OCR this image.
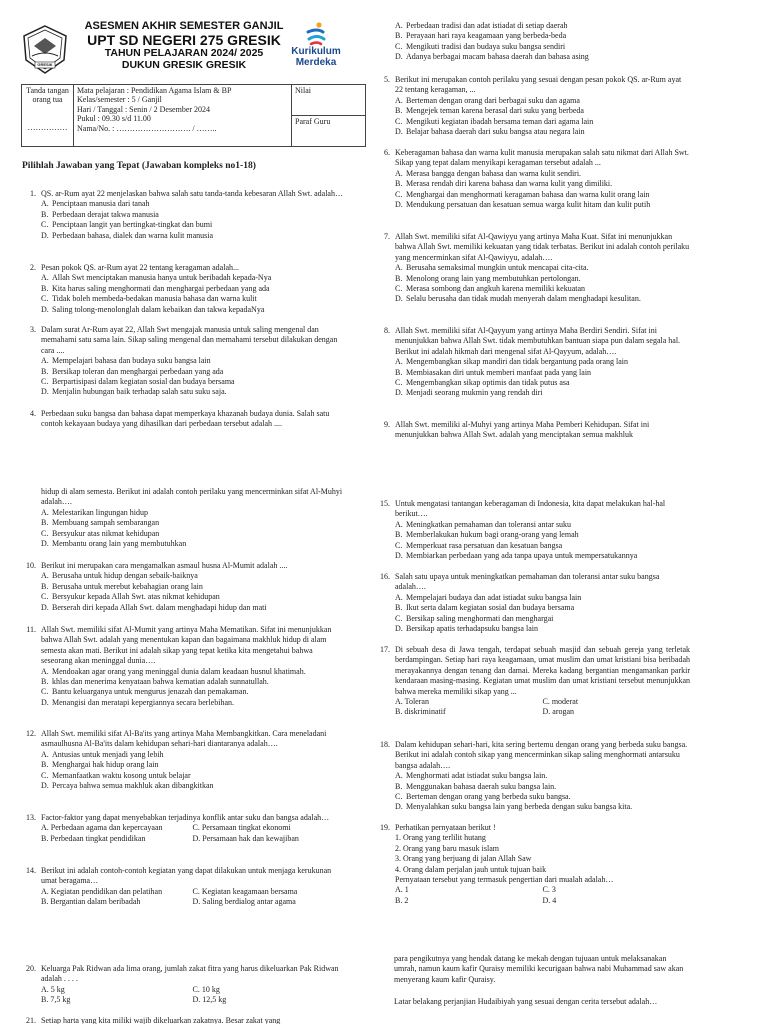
GRESIK
ASESMEN AKHIR SEMESTER GANJIL
UPT SD NEGERI 275 GRESIK
TAHUN PELAJARAN 2024/ 2025
DUKUN GRESIK GRESIK
Kurikulum
Merdeka
Tanda tangan orang tua
……………

Mata pelajaran : Pendidikan Agama Islam & BP
Kelas/semester : 5 / Ganjil
Hari / Tanggal : Senin / 2 Desember 2024
Pukul : 09.30 s/d 11.00
Nama/No. : ………………………. / ……..
	Nilai
Paraf Guru
Pilihlah Jawaban yang Tepat (Jawaban kompleks no1-18)
1. QS. ar-Rum ayat 22 menjelaskan bahwa salah satu tanda-tanda kebesaran Allah Swt. adalah…
A. Penciptaan manusia dari tanah
B. Perbedaan derajat takwa manusia
C. Penciptaan langit yan bertingkat-tingkat dan bumi
D. Perbedaan bahasa, dialek dan warna kulit manusia
2. Pesan pokok QS. ar-Rum ayat 22 tentang keragaman adalah...
A. Allah Swt menciptakan manusia hanya untuk beribadah kepada-Nya
B. Kita harus saling menghormati dan menghargai perbedaan yang ada
C. Tidak boleh membeda-bedakan manusia bahasa dan warna kulit
D. Saling tolong-menolonglah dalam kebaikan dan takwa kepadaNya
3. Dalam surat Ar-Rum ayat 22, Allah Swt mengajak manusia untuk saling mengenal dan memahami satu sama lain. Sikap saling mengenal dan memahami tersebut dilakukan dengan cara ....
A. Mempelajari bahasa dan budaya suku bangsa lain
B. Bersikap toleran dan menghargai perbedaan yang ada
C. Berpartisipasi dalam kegiatan sosial dan budaya bersama
D. Menjalin hubungan baik terhadap salah satu suku saja.
4. Perbedaan suku bangsa dan bahasa dapat memperkaya khazanah budaya dunia. Salah satu contoh kekayaan budaya yang dihasilkan dari perbedaan tersebut adalah ....
A. Perbedaan tradisi dan adat istiadat di setiap daerah
B. Perayaan hari raya keagamaan yang berbeda-beda
C. Mengikuti tradisi dan budaya suku bangsa sendiri
D. Adanya berbagai macam bahasa daerah dan bahasa asing
5. Berikut ini merupakan contoh perilaku yang sesuai dengan pesan pokok QS. ar-Rum ayat 22 tentang keragaman, ...
A. Berteman dengan orang dari berbagai suku dan agama
B. Mengejek teman karena berasal dari suku yang berbeda
C. Mengikuti kegiatan ibadah bersama teman dari agama lain
D. Belajar bahasa daerah dari suku bangsa atau negara lain
6. Keberagaman bahasa dan warna kulit manusia merupakan salah satu nikmat dari Allah Swt. Sikap yang tepat dalam menyikapi keragaman tersebut adalah ...
A. Merasa bangga dengan bahasa dan warna kulit sendiri.
B. Merasa rendah diri karena bahasa dan warna kulit yang dimiliki.
C. Menghargai dan menghormati keragaman bahasa dan warna kulit orang lain
D. Mendukung persatuan dan kesatuan semua warga kulit hitam dan kulit putih
7. Allah Swt. memiliki sifat Al-Qawiyyu yang artinya Maha Kuat. Sifat ini menunjukkan bahwa Allah Swt. memiliki kekuatan yang tidak terbatas. Berikut ini adalah contoh perilaku yang mencerminkan sifat Al-Qawiyyu, adalah….
A. Berusaha semaksimal mungkin untuk mencapai cita-cita.
B. Menolong orang lain yang membutuhkan pertolongan.
C. Merasa sombong dan angkuh karena memiliki kekuatan
D. Selalu berusaha dan tidak mudah menyerah dalam menghadapi kesulitan.
8. Allah Swt. memiliki sifat Al-Qayyum yang artinya Maha Berdiri Sendiri. Sifat ini menunjukkan bahwa Allah Swt. tidak membutuhkan bantuan siapa pun dalam segala hal. Berikut ini adalah hikmah dari mengenal sifat Al-Qayyum, adalah….
A. Mengembangkan sikap mandiri dan tidak bergantung pada orang lain
B. Membiasakan diri untuk memberi manfaat pada yang lain
C. Mengembangkan sikap optimis dan tidak putus asa
D. Menjadi seorang mukmin yang rendah diri
9. Allah Swt. memiliki al-Muhyi yang artinya Maha Pemberi Kehidupan. Sifat ini menunjukkan bahwa Allah Swt. adalah yang menciptakan semua makhluk
hidup di alam semesta. Berikut ini adalah contoh perilaku yang mencerminkan sifat Al-Muhyi adalah….
A. Melestarikan lingungan hidup
B. Membuang sampah sembarangan
C. Bersyukur atas nikmat kehidupan
D. Membantu orang lain yang membutuhkan
10. Berikut ini merupakan cara mengamalkan asmaul husna Al-Mumit adalah ....
A. Berusaha untuk hidup dengan sebaik-baiknya
B. Berusaha untuk merebut kebahagian orang lain
C. Bersyukur kepada Allah Swt. atas nikmat kehidupan
D. Berserah diri kepada Allah Swt. dalam menghadapi hidup dan mati
11. Allah Swt. memiliki sifat Al-Mumit yang artinya Maha Mematikan. Sifat ini menunjukkan bahwa Allah Swt. adalah yang menentukan kapan dan bagaimana makhluk hidup di alam semesta akan mati. Berikut ini adalah sikap yang tepat ketika kita mengetahui bahwa seseorang akan meninggal dunia….
A. Mendoakan agar orang yang meninggal dunia dalam keadaan husnul khatimah.
B. khlas dan menerima kenyataan bahwa kematian adalah sunnatullah.
C. Bantu keluarganya untuk mengurus jenazah dan pemakaman.
D. Menangisi dan meratapi kepergiannya secara berlebihan.
12. Allah Swt. memiliki sifat Al-Ba'its yang artinya Maha Membangkitkan. Cara meneladani asmaulhusna Al-Ba'its dalam kehidupan sehari-hari diantaranya adalah….
A. Antusias untuk menjadi yang lebih
B. Menghargai hak hidup orang lain
C. Memanfaatkan waktu kosong untuk belajar
D. Percaya bahwa semua makhluk akan dibangkitkan
13. Factor-faktor yang dapat menyebabkan terjadinya konflik antar suku dan bangsa adalah…
A. Perbedaan agama dan kepercayaan	C. Persamaan tingkat ekonomi
B. Perbedaan tingkat pendidikan	D. Persamaan hak dan kewajiban
14. Berikut ini adalah contoh-contoh kegiatan yang dapat dilakukan untuk menjaga kerukunan umat beragama…
A. Kegiatan pendidikan dan pelatihan	C. Kegiatan keagamaan bersama
B. Bergantian dalam beribadah	D. Saling berdialog antar agama
15. Untuk mengatasi tantangan keberagaman di Indonesia, kita dapat melakukan hal-hal berikut….
A. Meningkatkan pemahaman dan toleransi antar suku
B. Memberlakukan hukum bagi orang-orang yang lemah
C. Memperkuat rasa persatuan dan kesatuan bangsa
D. Membiarkan perbedaan yang ada tanpa upaya untuk mempersatukannya
16. Salah satu upaya untuk meningkatkan pemahaman dan toleransi antar suku bangsa adalah….
A. Mempelajari budaya dan adat istiadat suku bangsa lain
B. Ikut serta dalam kegiatan sosial dan budaya bersama
C. Bersikap saling menghormati dan menghargai
D. Bersikap apatis terhadapsuku bangsa lain
17. Di sebuah desa di Jawa tengah, terdapat sebuah masjid dan sebuah gereja yang terletak berdampingan. Setiap hari raya keagamaan, umat muslim dan umat kristiani bisa beribadah merayakannya dengan tenang dan damai. Mereka kadang bergantian mengamankan parkir kendaraan masing-masing. Kegiatan umat muslim dan umat kristiani tersebut menunjukkan bahwa mereka memiliki sikap yang ...
A. Toleran	C. moderat
B. diskriminatif	D. arogan
18. Dalam kehidupan sehari-hari, kita sering bertemu dengan orang yang berbeda suku bangsa. Berikut ini adalah contoh sikap yang mencerminkan sikap saling menghormati antarsuku bangsa adalah….
A. Menghormati adat istiadat suku bangsa lain.
B. Menggunakan bahasa daerah suku bangsa lain.
C. Berteman dengan orang yang berbeda suku bangsa.
D. Menyalahkan suku bangsa lain yang berbeda dengan suku bangsa kita.
19. Perhatikan pernyataan berikut !
1. Orang yang terlilit hutang
2. Orang yang baru masuk islam
3. Orang yang berjuang di jalan Allah Saw
4. Orang dalam perjalan jauh untuk tujuan baik
Pernyataan tersebut yang termasuk pengertian dari mualah adalah…
A. 1	C. 3
B. 2	D. 4
20. Keluarga Pak Ridwan ada lima orang, jumlah zakat fitra yang harus dikeluarkan Pak Ridwan adalah . . . .
A. 5 kg	C. 10 kg
B. 7,5 kg	D. 12,5 kg
21. Setiap harta yang kita miliki wajib dikeluarkan zakatnya. Besar zakat yang
para pengikutnya yang hendak datang ke mekah dengan tujuaan untuk melaksanakan umrah, namun kaum kafir Quraisy memiliki kecurigaan bahwa nabi Muhammad saw akan menyerang kaum kafir Quraisy.
Latar belakang perjanjian Hudaibiyah yang sesuai dengan cerita tersebut adalah…
